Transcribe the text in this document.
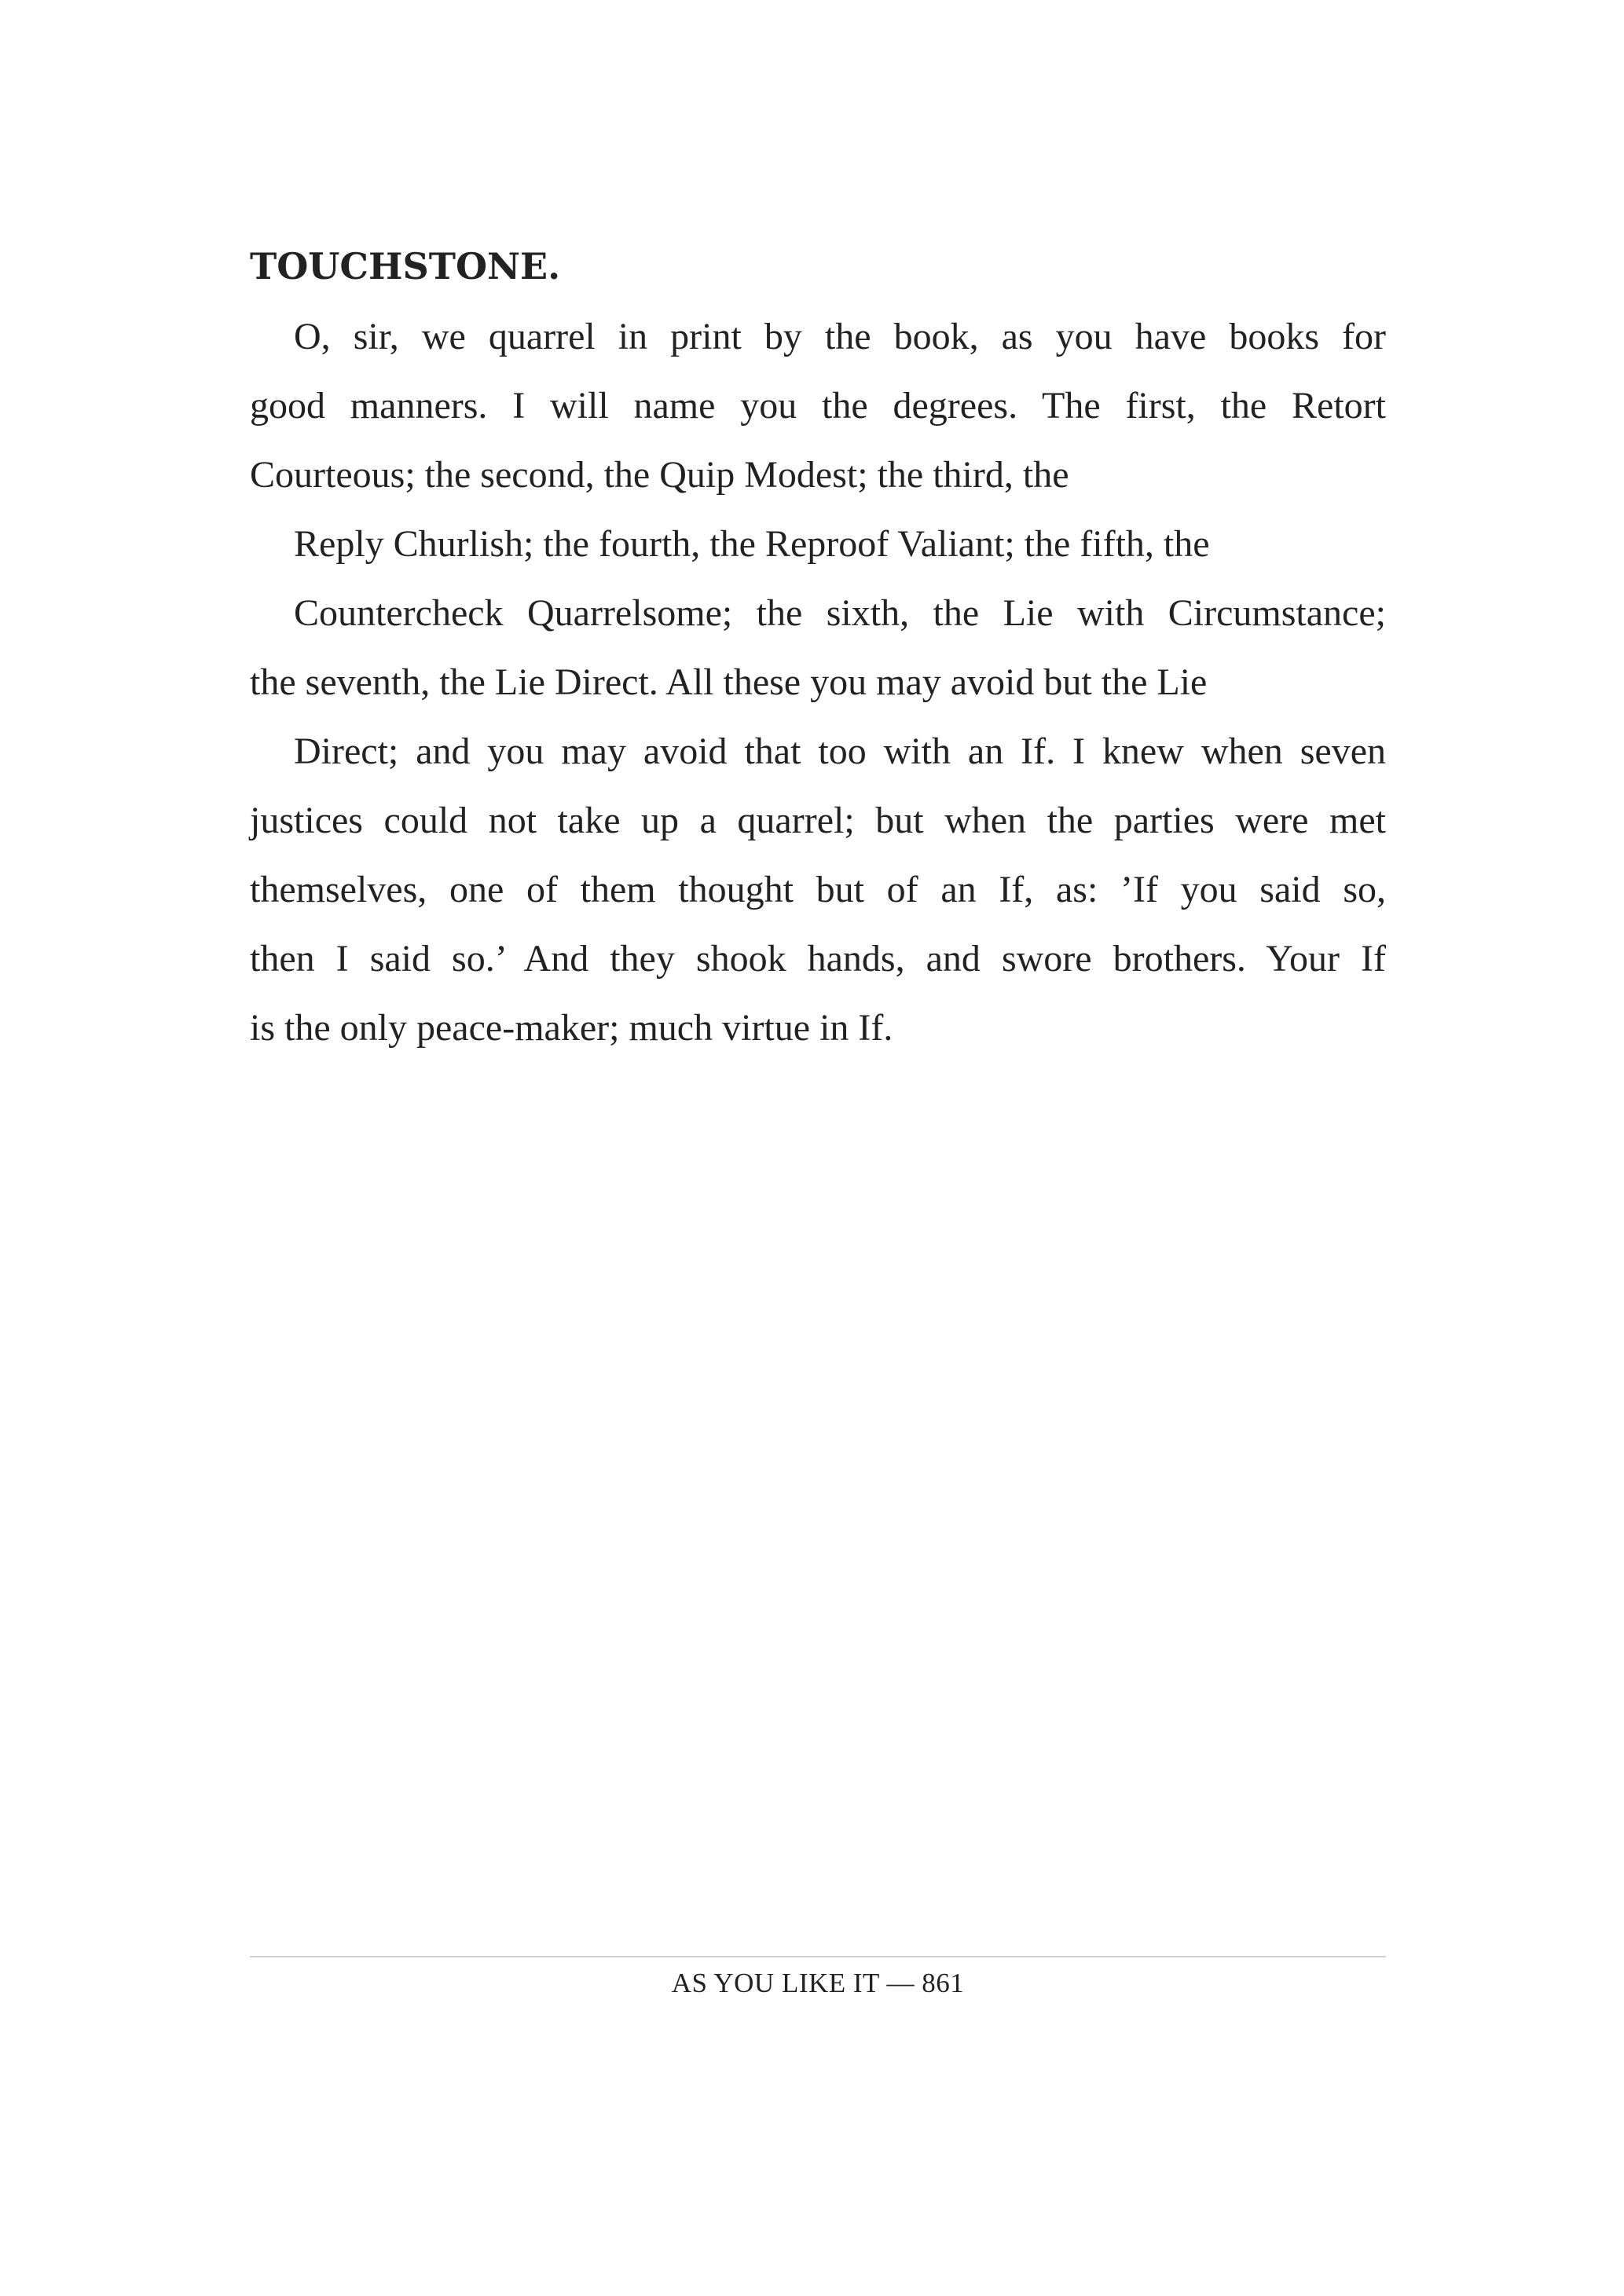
TOUCHSTONE.
O, sir, we quarrel in print by the book, as you have books for
good manners. I will name you the degrees. The first, the Retort
Courteous; the second, the Quip Modest; the third, the
Reply Churlish; the fourth, the Reproof Valiant; the fifth, the
Countercheck Quarrelsome; the sixth, the Lie with Circumstance;
the seventh, the Lie Direct. All these you may avoid but the Lie
Direct; and you may avoid that too with an If. I knew when seven
justices could not take up a quarrel; but when the parties were met
themselves, one of them thought but of an If, as: ’If you said so,
then I said so.’ And they shook hands, and swore brothers. Your If
is the only peace-maker; much virtue in If.
AS YOU LIKE IT — 861
